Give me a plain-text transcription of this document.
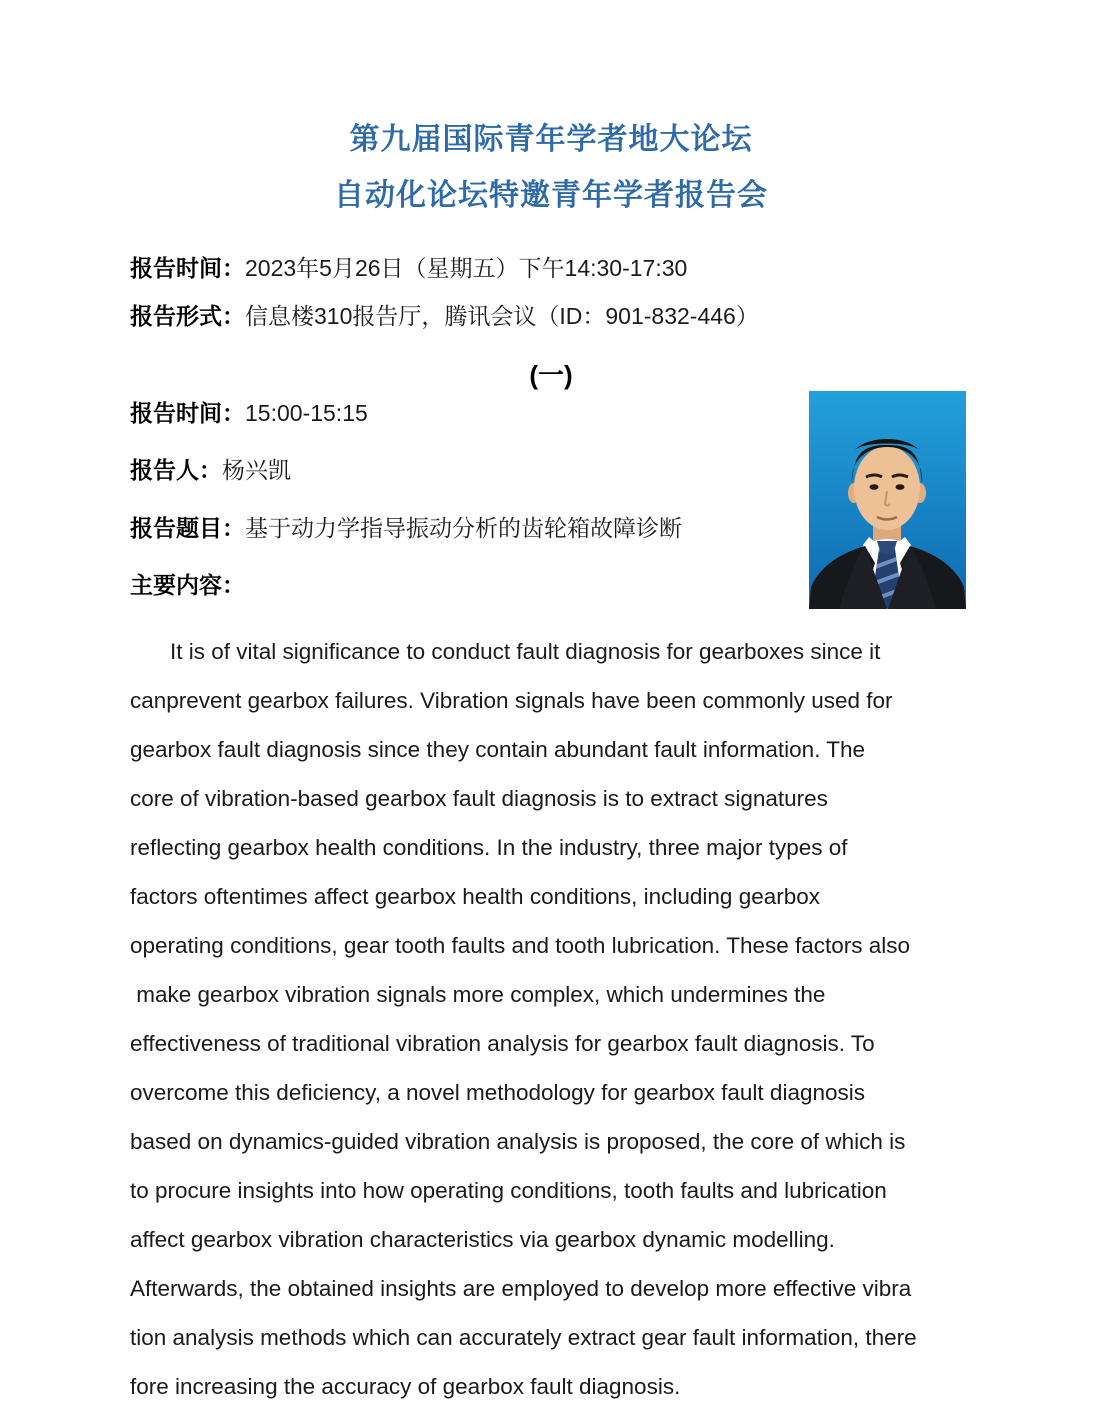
第九届国际青年学者地大论坛
自动化论坛特邀青年学者报告会
报告时间：2023年5月26日（星期五）下午14:30-17:30
报告形式：信息楼310报告厅，腾讯会议（ID：901-832-446）
(一)
报告时间：15:00-15:15
报告人：杨兴凯
报告题目：基于动力学指导振动分析的齿轮箱故障诊断
主要内容：
It is of vital significance to conduct fault diagnosis for gearboxes since it
canprevent gearbox failures. Vibration signals have been commonly used for
gearbox fault diagnosis since they contain abundant fault information. The
core of vibration-based gearbox fault diagnosis is to extract signatures
reflecting gearbox health conditions. In the industry, three major types of
factors oftentimes affect gearbox health conditions, including gearbox
operating conditions, gear tooth faults and tooth lubrication. These factors also
make gearbox vibration signals more complex, which undermines the
effectiveness of traditional vibration analysis for gearbox fault diagnosis. To
overcome this deficiency, a novel methodology for gearbox fault diagnosis
based on dynamics-guided vibration analysis is proposed, the core of which is
to procure insights into how operating conditions, tooth faults and lubrication
affect gearbox vibration characteristics via gearbox dynamic modelling.
Afterwards, the obtained insights are employed to develop more effective vibra
tion analysis methods which can accurately extract gear fault information, there
fore increasing the accuracy of gearbox fault diagnosis.
